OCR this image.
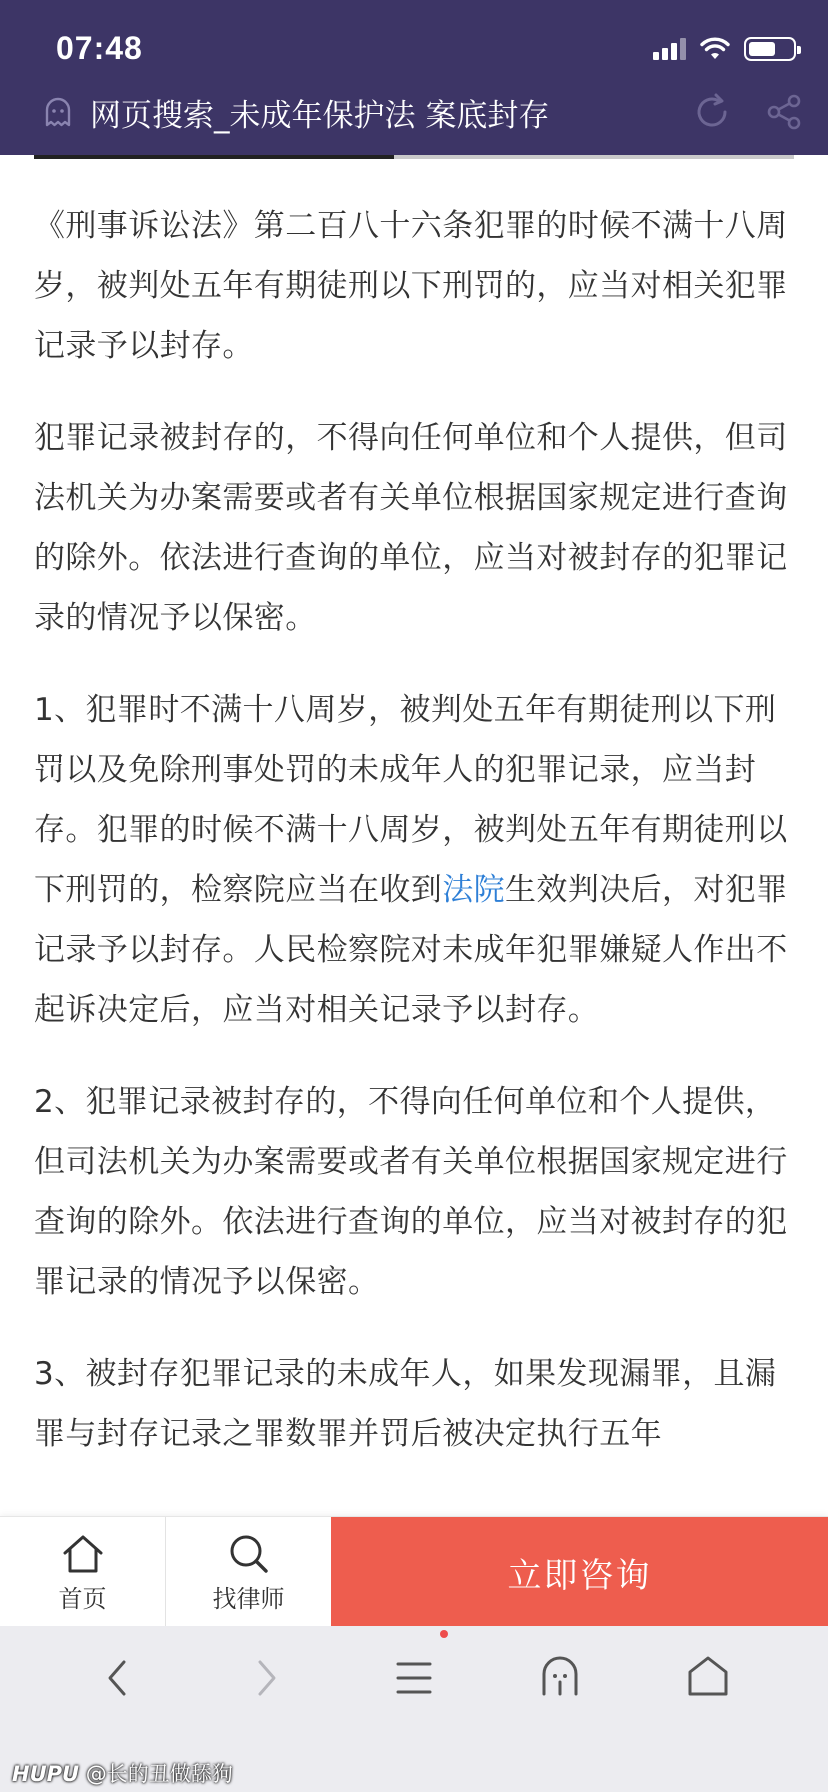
07:48
网页搜索_未成年保护法 案底封存

《刑事诉讼法》第二百八十六条犯罪的时候不满十八周岁，被判处五年有期徒刑以下刑罚的，应当对相关犯罪记录予以封存。

犯罪记录被封存的，不得向任何单位和个人提供，但司法机关为办案需要或者有关单位根据国家规定进行查询的除外。依法进行查询的单位，应当对被封存的犯罪记录的情况予以保密。

1、犯罪时不满十八周岁，被判处五年有期徒刑以下刑罚以及免除刑事处罚的未成年人的犯罪记录，应当封存。犯罪的时候不满十八周岁，被判处五年有期徒刑以下刑罚的，检察院应当在收到法院生效判决后，对犯罪记录予以封存。人民检察院对未成年犯罪嫌疑人作出不起诉决定后，应当对相关记录予以封存。

2、犯罪记录被封存的，不得向任何单位和个人提供，但司法机关为办案需要或者有关单位根据国家规定进行查询的除外。依法进行查询的单位，应当对被封存的犯罪记录的情况予以保密。

3、被封存犯罪记录的未成年人，如果发现漏罪，且漏罪与封存记录之罪数罪并罚后被决定执行五年

首页	找律师
立即咨询
HUPU @长的丑做舔狗
